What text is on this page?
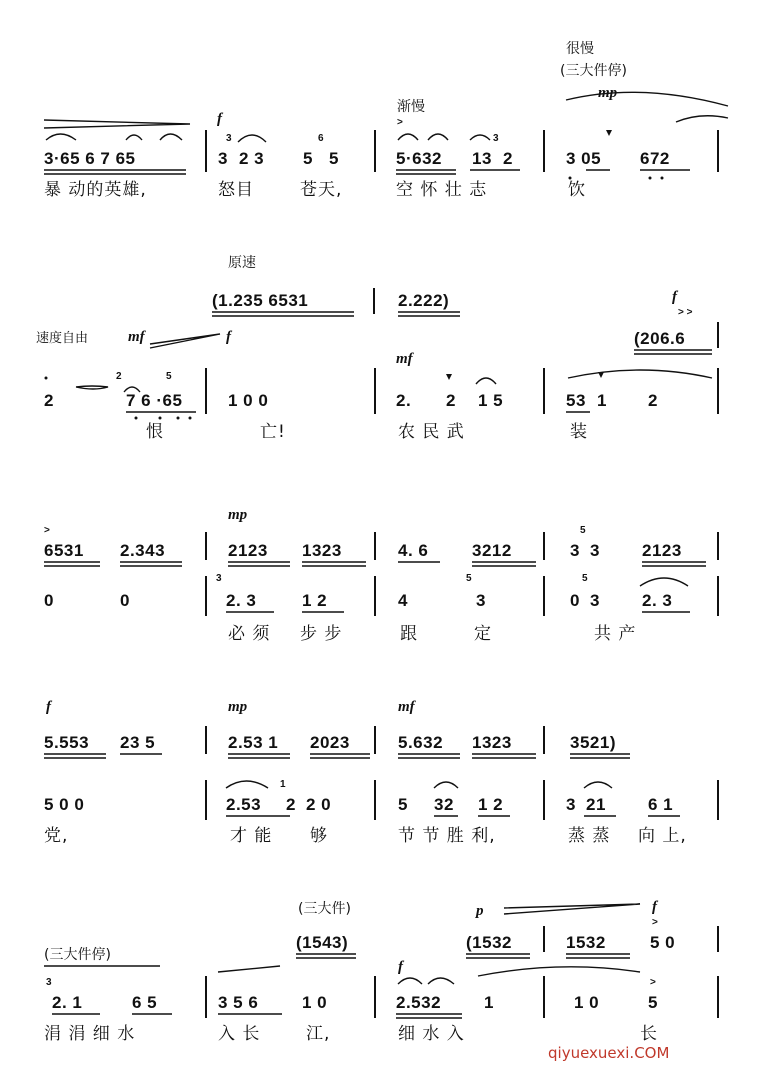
很慢
(三大件停)
mp
渐慢
>
f
3·65 6 7 65
3
3 2 3
6
5 5	5·632
3
13 2	3 05 672
暴 动的英雄,	怒目	苍天,	空 怀 壮 志	饮
原速
(1.235 6531	2.222)	f
> >
(206.6
速度自由	mf	f
mf
2
2	5
7 6 ·65	1 0 0	2. 2 1 5	53 1 2
恨	亡!	农 民 武	装
>
mp
6531 2.343	2123 1323	4. 6	3212
5
3 3 2123
0	0
3
2. 3	1 2	4
5
3	0
5
3 2. 3
必 须 步 步	跟	定	共 产
f	mp	mf
5.553 23 5	2.53 1 2023	5.632 1323	3521)
5 0 0	2.53
1
2 2 0	5 32 1 2	3 21 6 1
党,	才 能 够	节 节 胜 利,	蒸 蒸 向 上,
(三大件)
(1543)
p	f
>
(1532	1532	5 0
(三大件停)
f
3
2. 1	6 5	3 5 6	1 0	2.532	1	1 0
>
5
涓 涓 细 水	入 长	江,	细 水 入	长
qiyuexuexi.COM
